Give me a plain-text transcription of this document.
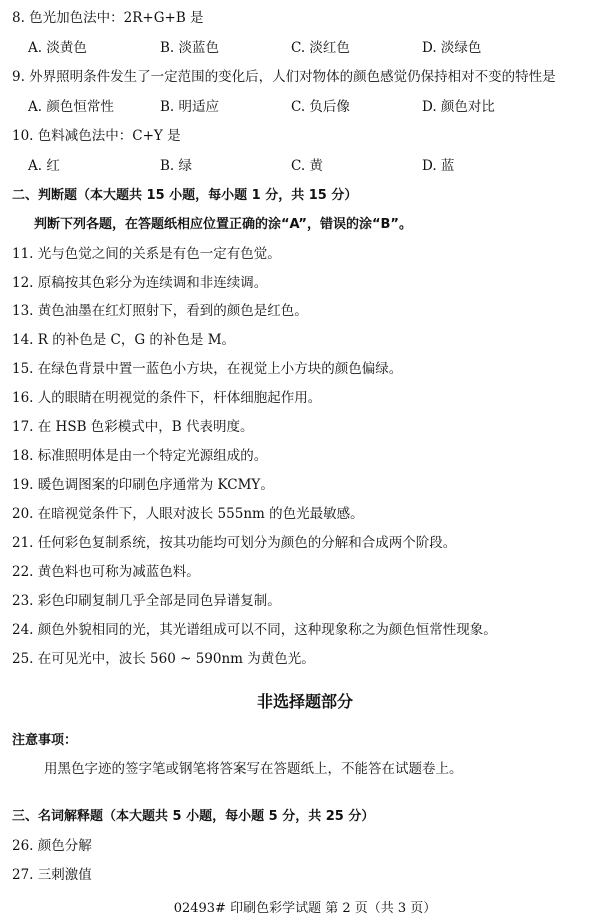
8. 色光加色法中：2R+G+B 是
A. 淡黄色	B. 淡蓝色	C. 淡红色	D. 淡绿色
9. 外界照明条件发生了一定范围的变化后，人们对物体的颜色感觉仍保持相对不变的特性是
A. 颜色恒常性	B. 明适应	C. 负后像	D. 颜色对比
10. 色料减色法中：C+Y 是
A. 红	B. 绿	C. 黄	D. 蓝
二、判断题（本大题共 15 小题，每小题 1 分，共 15 分）
判断下列各题，在答题纸相应位置正确的涂“A”，错误的涂“B”。
11. 光与色觉之间的关系是有色一定有色觉。
12. 原稿按其色彩分为连续调和非连续调。
13. 黄色油墨在红灯照射下，看到的颜色是红色。
14. R 的补色是 C，G 的补色是 M。
15. 在绿色背景中置一蓝色小方块，在视觉上小方块的颜色偏绿。
16. 人的眼睛在明视觉的条件下，杆体细胞起作用。
17. 在 HSB 色彩模式中，B 代表明度。
18. 标准照明体是由一个特定光源组成的。
19. 暖色调图案的印刷色序通常为 KCMY。
20. 在暗视觉条件下，人眼对波长 555nm 的色光最敏感。
21. 任何彩色复制系统，按其功能均可划分为颜色的分解和合成两个阶段。
22. 黄色料也可称为减蓝色料。
23. 彩色印刷复制几乎全部是同色异谱复制。
24. 颜色外貌相同的光，其光谱组成可以不同，这种现象称之为颜色恒常性现象。
25. 在可见光中，波长 560 ~ 590nm 为黄色光。
非选择题部分
注意事项：
用黑色字迹的签字笔或钢笔将答案写在答题纸上，不能答在试题卷上。
三、名词解释题（本大题共 5 小题，每小题 5 分，共 25 分）
26. 颜色分解
27. 三刺激值
02493# 印刷色彩学试题 第 2 页（共 3 页）
